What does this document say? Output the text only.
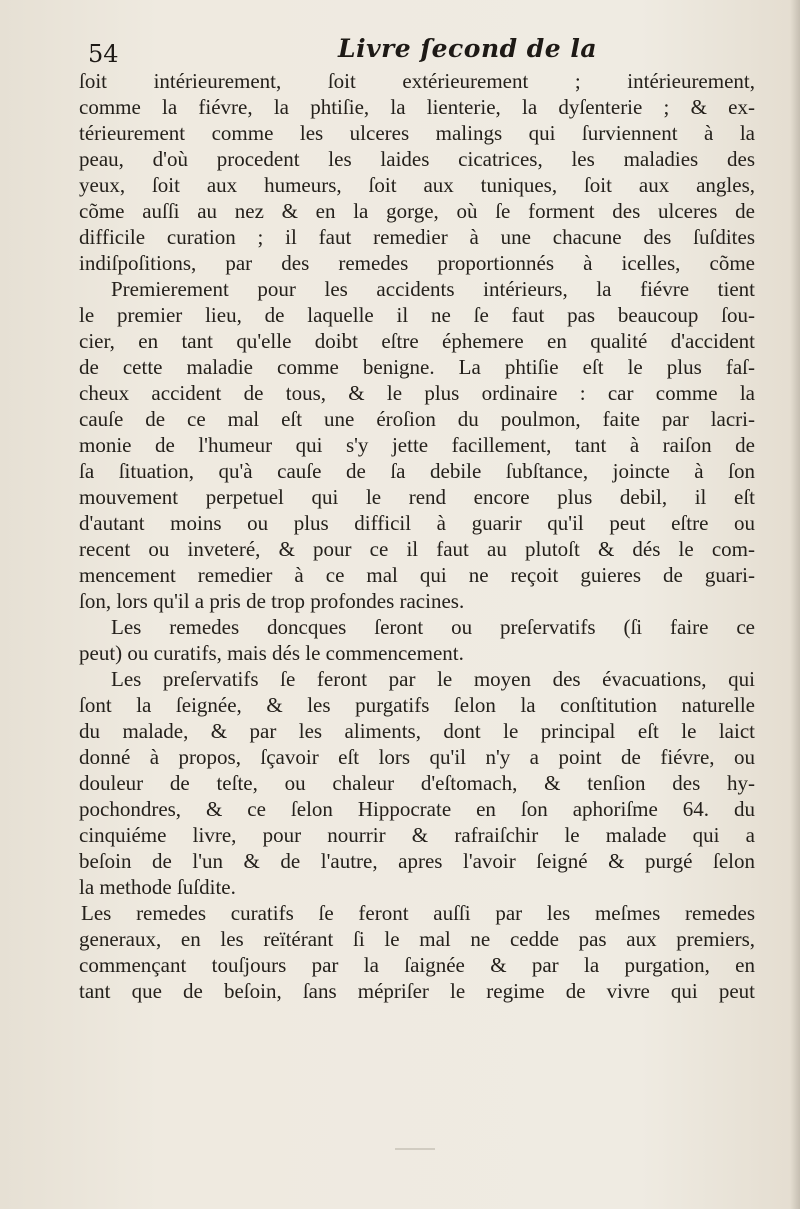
54	Livre ſecond de la
ſoit intérieurement, ſoit extérieurement ; intérieurement,
comme la fiévre, la phtiſie, la lienterie, la dyſenterie ; & ex-
térieurement comme les ulceres malings qui ſurviennent à la
peau, d'où procedent les laides cicatrices, les maladies des
yeux, ſoit aux humeurs, ſoit aux tuniques, ſoit aux angles,
cõme auſſi au nez & en la gorge, où ſe forment des ulceres de
difficile curation ; il faut remedier à une chacune des ſuſdites
indiſpoſitions, par des remedes proportionnés à icelles, cõme
Premierement pour les accidents intérieurs, la fiévre tient
le premier lieu, de laquelle il ne ſe faut pas beaucoup ſou-
cier, en tant qu'elle doibt eſtre éphemere en qualité d'accident
de cette maladie comme benigne. La phtiſie eſt le plus faſ-
cheux accident de tous, & le plus ordinaire : car comme la
cauſe de ce mal eſt une éroſion du poulmon, faite par lacri-
monie de l'humeur qui s'y jette facillement, tant à raiſon de
ſa ſituation, qu'à cauſe de ſa debile ſubſtance, joincte à ſon
mouvement perpetuel qui le rend encore plus debil, il eſt
d'autant moins ou plus difficil à guarir qu'il peut eſtre ou
recent ou inveteré, & pour ce il faut au plutoſt & dés le com-
mencement remedier à ce mal qui ne reçoit guieres de guari-
ſon, lors qu'il a pris de trop profondes racines.
Les remedes doncques ſeront ou preſervatifs (ſi faire ce
peut) ou curatifs, mais dés le commencement.
Les preſervatifs ſe feront par le moyen des évacuations, qui
ſont la ſeignée, & les purgatifs ſelon la conſtitution naturelle
du malade, & par les aliments, dont le principal eſt le laict
donné à propos, ſçavoir eſt lors qu'il n'y a point de fiévre, ou
douleur de teſte, ou chaleur d'eſtomach, & tenſion des hy-
pochondres, & ce ſelon Hippocrate en ſon aphoriſme 64. du
cinquiéme livre, pour nourrir & rafraiſchir le malade qui a
beſoin de l'un & de l'autre, apres l'avoir ſeigné & purgé ſelon
la methode ſuſdite.
Les remedes curatifs ſe feront auſſi par les meſmes remedes
generaux, en les reïtérant ſi le mal ne cedde pas aux premiers,
commençant touſjours par la ſaignée & par la purgation, en
tant que de beſoin, ſans mépriſer le regime de vivre qui peut
